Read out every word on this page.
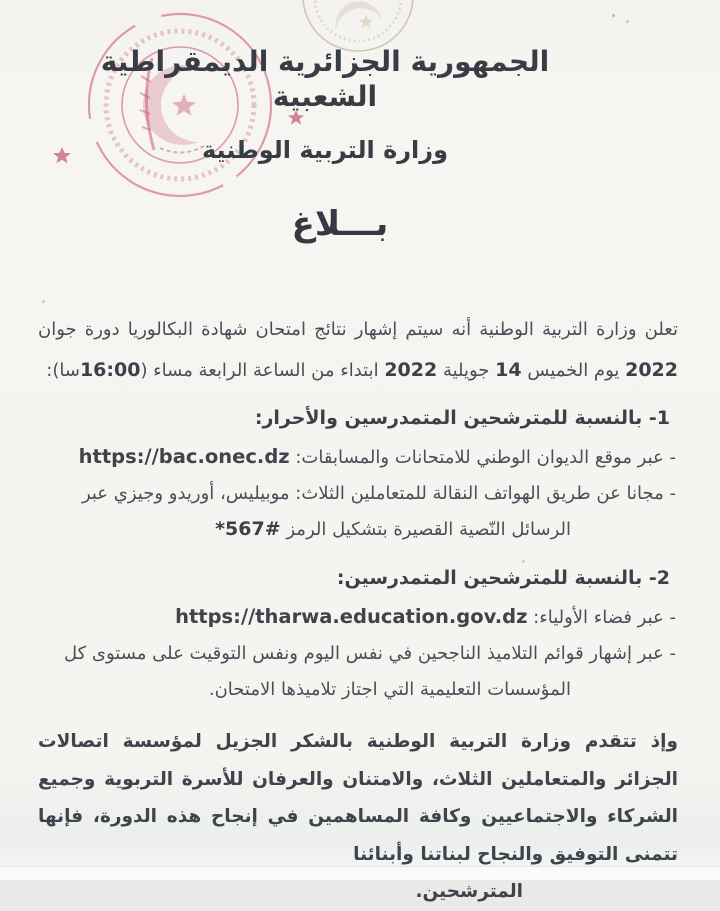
الجمهورية الجزائرية الديمقراطية الشعبية
وزارة التربية الوطنية
بـــلاغ

تعلن وزارة التربية الوطنية أنه سيتم إشهار نتائج امتحان شهادة البكالوريا دورة جوان 2022 يوم الخميس 14 جويلية 2022 ابتداء من الساعة الرابعة مساء (16:00سا):

1- بالنسبة للمترشحين المتمدرسين والأحرار:
- عبر موقع الديوان الوطني للامتحانات والمسابقات: https://bac.onec.dz
- مجانا عن طريق الهواتف النقالة للمتعاملين الثلاث: موبيليس، أوريدو وجيزي عبر
الرسائل النّصية القصيرة بتشكيل الرمز *567#
2- بالنسبة للمترشحين المتمدرسين:
- عبر فضاء الأولياء: https://tharwa.education.gov.dz
- عبر إشهار قوائم التلاميذ الناجحين في نفس اليوم ونفس التوقيت على مستوى كل
المؤسسات التعليمية التي اجتاز تلاميذها الامتحان.

وإذ تتقدم وزارة التربية الوطنية بالشكر الجزيل لمؤسسة اتصالات الجزائر والمتعاملين الثلاث، والامتنان والعرفان للأسرة التربوية وجميع الشركاء والاجتماعيين وكافة المساهمين في إنجاح هذه الدورة، فإنها تتمنى التوفيق والنجاح لبناتنا وأبنائنا

المترشحين.
